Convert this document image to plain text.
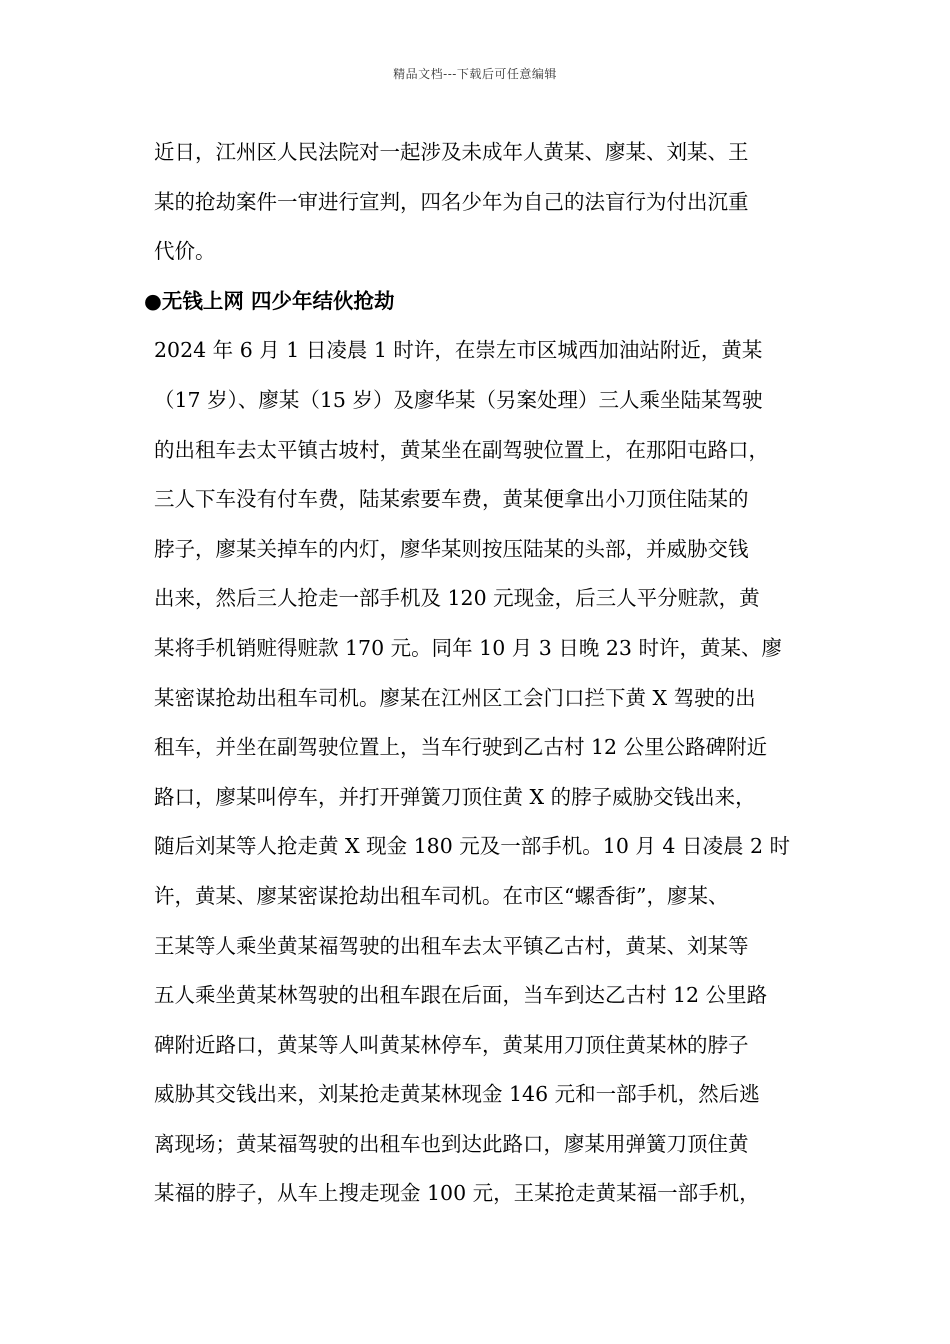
精品文档---下载后可任意编辑

近日，江州区人民法院对一起涉及未成年人黄某、廖某、刘某、王
某的抢劫案件一审进行宣判，四名少年为自己的法盲行为付出沉重
代价。

●无钱上网 四少年结伙抢劫

2024 年 6 月 1 日凌晨 1 时许，在崇左市区城西加油站附近，黄某
（17 岁）、廖某（15 岁）及廖华某（另案处理）三人乘坐陆某驾驶
的出租车去太平镇古坡村，黄某坐在副驾驶位置上，在那阳屯路口，
三人下车没有付车费，陆某索要车费，黄某便拿出小刀顶住陆某的
脖子，廖某关掉车的内灯，廖华某则按压陆某的头部，并威胁交钱
出来，然后三人抢走一部手机及 120 元现金，后三人平分赃款，黄
某将手机销赃得赃款 170 元。同年 10 月 3 日晚 23 时许，黄某、廖
某密谋抢劫出租车司机。廖某在江州区工会门口拦下黄 X 驾驶的出
租车，并坐在副驾驶位置上，当车行驶到乙古村 12 公里公路碑附近
路口，廖某叫停车，并打开弹簧刀顶住黄 X 的脖子威胁交钱出来，
随后刘某等人抢走黄 X 现金 180 元及一部手机。10 月 4 日凌晨 2 时
许，黄某、廖某密谋抢劫出租车司机。在市区“螺香街”，廖某、
王某等人乘坐黄某福驾驶的出租车去太平镇乙古村，黄某、刘某等
五人乘坐黄某林驾驶的出租车跟在后面，当车到达乙古村 12 公里路
碑附近路口，黄某等人叫黄某林停车，黄某用刀顶住黄某林的脖子
威胁其交钱出来，刘某抢走黄某林现金 146 元和一部手机，然后逃
离现场；黄某福驾驶的出租车也到达此路口，廖某用弹簧刀顶住黄
某福的脖子，从车上搜走现金 100 元，王某抢走黄某福一部手机，
